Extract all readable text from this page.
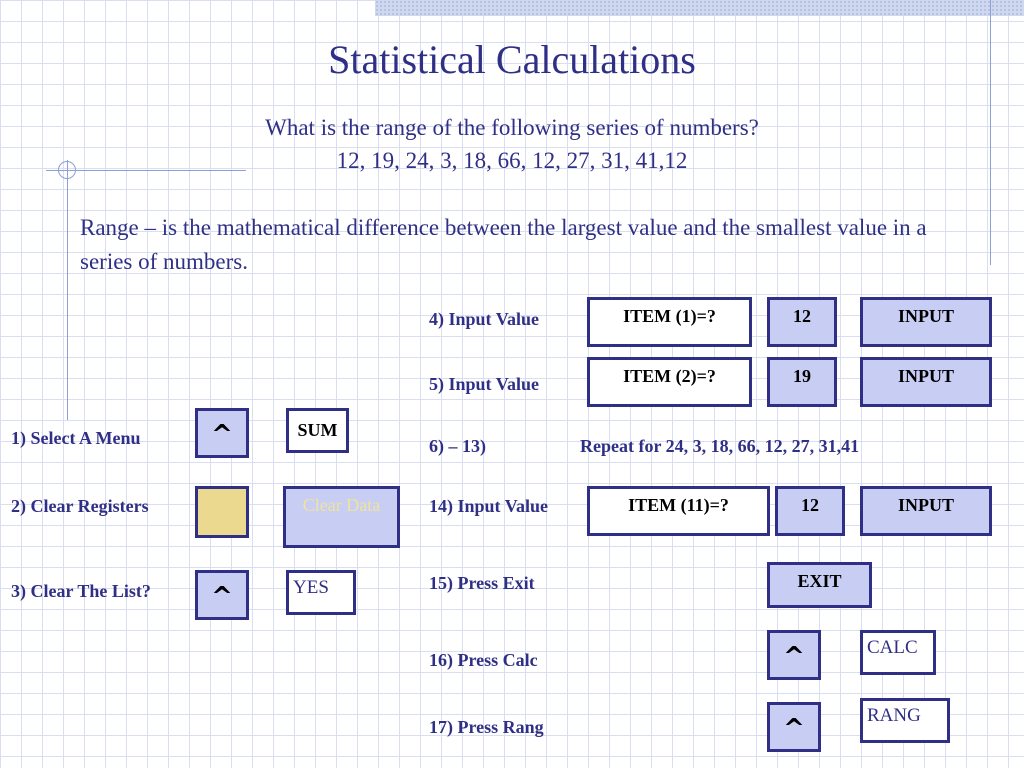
Statistical Calculations
What is the range of the following series of numbers?
12, 19, 24, 3, 18, 66, 12, 27, 31, 41,12
Range – is the mathematical difference between the largest value and the smallest value in a series of numbers.
1) Select A Menu	^	SUM
2) Clear Registers	Clear Data
3) Clear The List?	^	YES
4) Input Value	ITEM (1)=?	12	INPUT
5) Input Value	ITEM (2)=?	19	INPUT
6) – 13)	Repeat for 24, 3, 18, 66, 12, 27, 31,41
14) Input Value	ITEM (11)=?	12	INPUT
15) Press Exit	EXIT
16) Press Calc	^	CALC
17) Press Rang	^	RANG
